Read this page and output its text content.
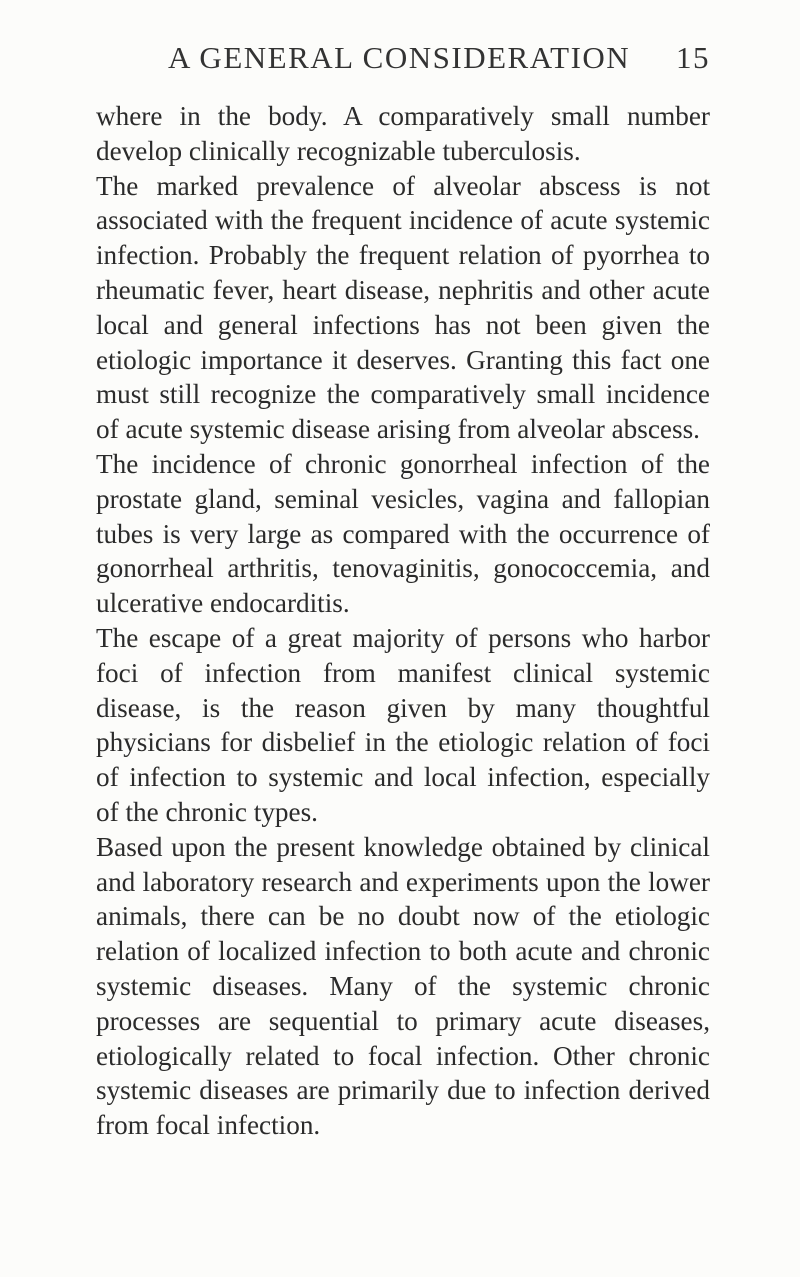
A GENERAL CONSIDERATION 15

where in the body. A comparatively small number develop clinically recognizable tuberculosis.

The marked prevalence of alveolar abscess is not associated with the frequent incidence of acute systemic infection. Probably the frequent relation of pyorrhea to rheumatic fever, heart disease, nephritis and other acute local and general infections has not been given the etiologic importance it deserves. Granting this fact one must still recognize the comparatively small incidence of acute systemic disease arising from alveolar abscess.

The incidence of chronic gonorrheal infection of the prostate gland, seminal vesicles, vagina and fallopian tubes is very large as compared with the occurrence of gonorrheal arthritis, tenovaginitis, gonococcemia, and ulcerative endocarditis.

The escape of a great majority of persons who harbor foci of infection from manifest clinical systemic disease, is the reason given by many thoughtful physicians for disbelief in the etiologic relation of foci of infection to systemic and local infection, especially of the chronic types.

Based upon the present knowledge obtained by clinical and laboratory research and experiments upon the lower animals, there can be no doubt now of the etiologic relation of localized infection to both acute and chronic systemic diseases. Many of the systemic chronic processes are sequential to primary acute diseases, etiologically related to focal infection. Other chronic systemic diseases are primarily due to infection derived from focal infection.
